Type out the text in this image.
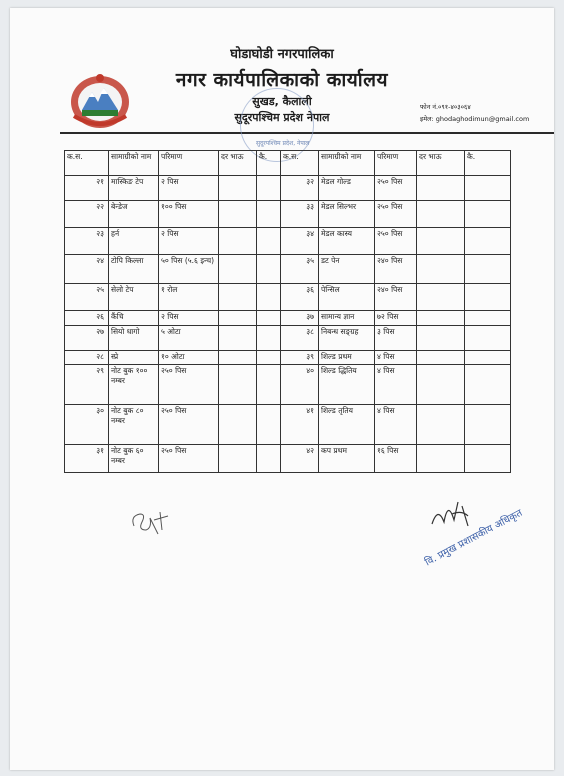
घोडाघोडी नगरपालिका
नगर कार्यपालिकाको कार्यालय
सुखड, कैलाली
सुदूरपश्चिम प्रदेश नेपाल
फोन नं.०९१-४०३०६४
इमेल: ghodaghodimun@gmail.com
सुदूरपश्चिम प्रदेश, नेपाल
क.स.	सामाग्रीको नाम	परिमाण	दर भाऊ	कै.	क.स.	सामाग्रीको नाम	परिमाण	दर भाऊ	कै.
२१	मास्किङ टेप	२ पिस			३२	मेडल गोल्ड	२५० पिस		
२२	बेन्डेज	१०० पिस			३३	मेडल सिल्भर	२५० पिस		
२३	हर्न	२ पिस			३४	मेडल कास्य	२५० पिस		
२४	टोपि किल्ला	५० पिस (५.६ इन्च)			३५	डट पेन	२४० पिस		
२५	सेलो टेप	१ रोल			३६	पेन्सिल	२४० पिस		
२६	कैंचि	२ पिस			३७	सामान्य ज्ञान	७२ पिस		
२७	सियो धागो	५ ओटा			३८	निबन्ध सङ्ग्रह	३ पिस		
२८	स्प्रे	१० ओटा			३९	शिल्ड प्रथम	४ पिस		
२९	नोट बुक १०० नम्बर	२५० पिस			४०	शिल्ड द्धितिय	४ पिस		
३०	नोट बुक ८० नम्बर	२५० पिस			४१	शिल्ड तृतिय	४ पिस		
३१	नोट बुक ६० नम्बर	२५० पिस			४२	कप प्रथम	१६ पिस		
वि. प्रमुख प्रशासकीय अधिकृत
